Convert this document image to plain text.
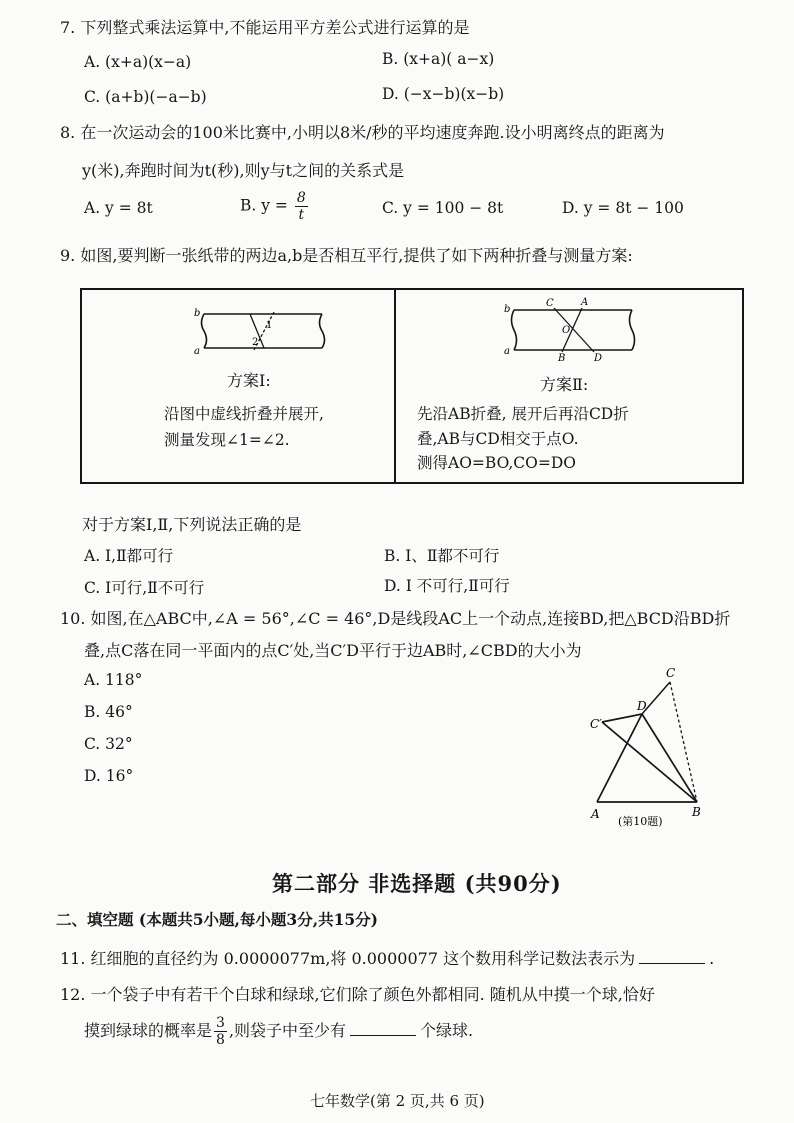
7. 下列整式乘法运算中,不能运用平方差公式进行运算的是
A. (x+a)(x−a)	B. (x+a)( a−x)
C. (a+b)(−a−b)	D. (−x−b)(x−b)
8. 在一次运动会的100米比赛中,小明以8米/秒的平均速度奔跑.设小明离终点的距离为
y(米),奔跑时间为t(秒),则y与t之间的关系式是
A. y = 8t	B. $y = \frac{8}{t}$	C. y = 100 − 8t	D. y = 8t − 100
9. 如图,要判断一张纸带的两边a,b是否相互平行,提供了如下两种折叠与测量方案:
b
a
1
2
方案Ⅰ:
沿图中虚线折叠并展开,
测量发现∠1=∠2.
b
a
C	A
O
B	D
方案Ⅱ:
先沿AB折叠, 展开后再沿CD折
叠,AB与CD相交于点O.
测得AO=BO,CO=DO
对于方案Ⅰ,Ⅱ,下列说法正确的是
A. Ⅰ,Ⅱ都可行	B. Ⅰ、Ⅱ都不可行
C. Ⅰ可行,Ⅱ不可行	D. Ⅰ 不可行,Ⅱ可行
10. 如图,在△ABC中,∠A = 56°,∠C = 46°,D是线段AC上一个动点,连接BD,把△BCD沿BD折
叠,点C落在同一平面内的点C′处,当C′D平行于边AB时,∠CBD的大小为
A. 118°
B. 46°
C. 32°
D. 16°
C
C′
D
A	B
(第10题)
第二部分 非选择题 (共90分)
二、填空题 (本题共5小题,每小题3分,共15分)
11. 红细胞的直径约为 0.0000077m,将 0.0000077 这个数用科学记数法表示为	.
12. 一个袋子中有若干个白球和绿球,它们除了颜色外都相同. 随机从中摸一个球,恰好
摸到绿球的概率是 $\frac{3}{8}$ ,则袋子中至少有	个绿球.
七年数学(第 2 页,共 6 页)
